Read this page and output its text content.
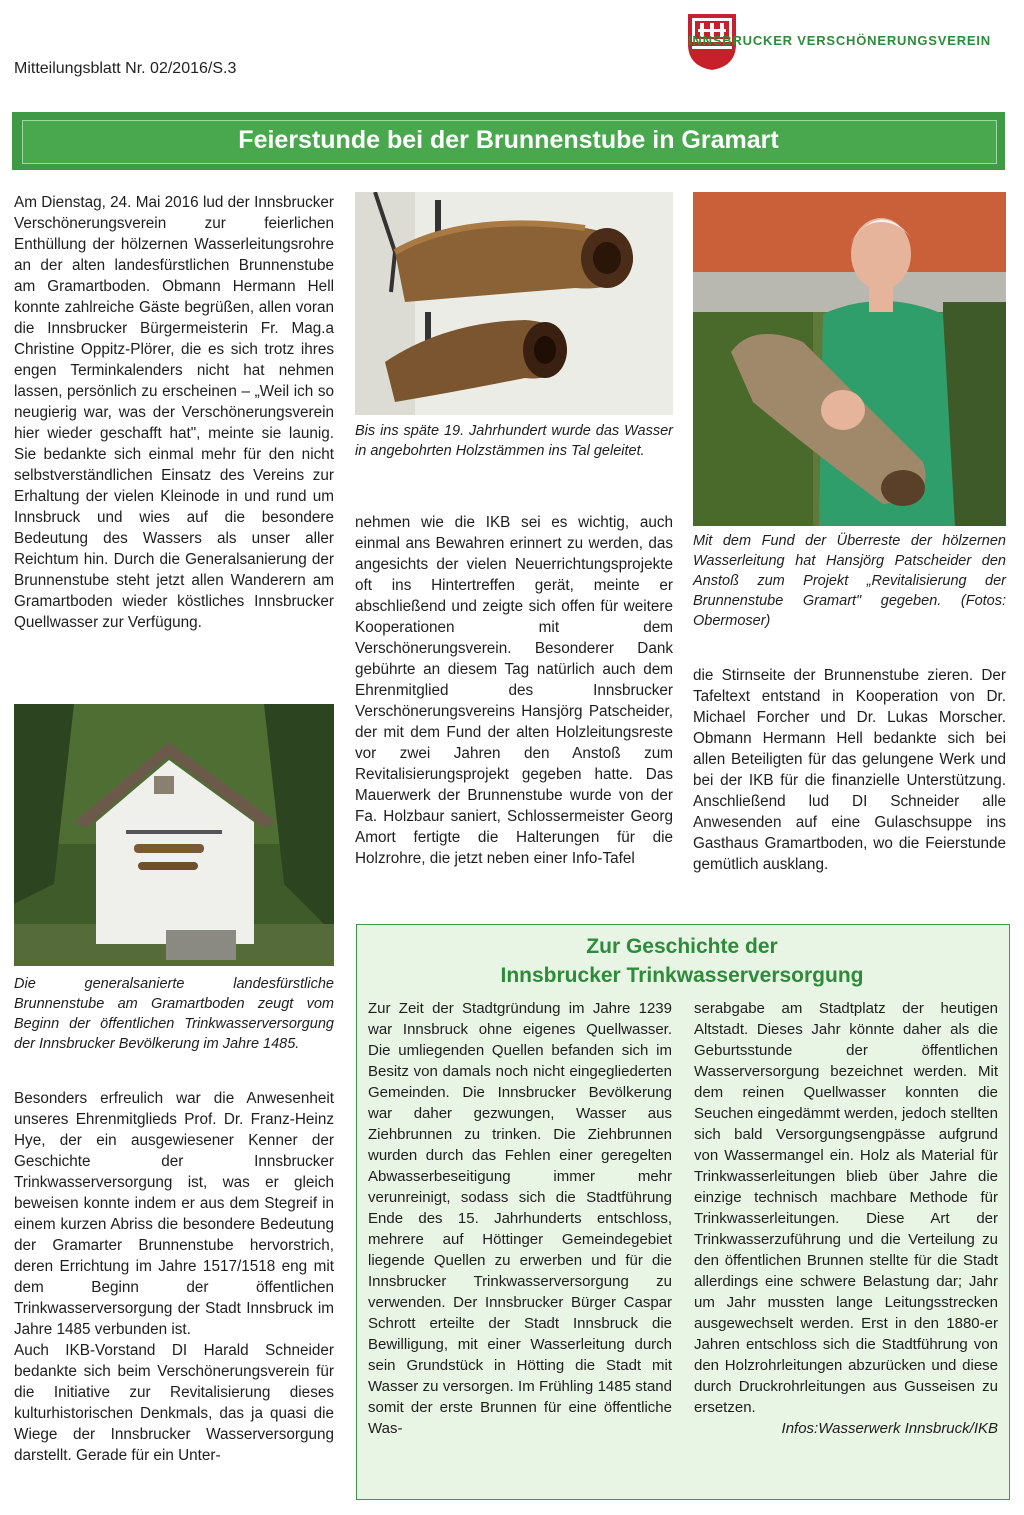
Mitteilungsblatt Nr. 02/2016/S.3
INNSBRUCKER VERSCHÖNERUNGSVEREIN
Feierstunde bei der Brunnenstube in Gramart

Am Dienstag, 24. Mai 2016 lud der Innsbrucker Verschönerungsverein zur feierlichen Enthüllung der hölzernen Wasserleitungsrohre an der alten landesfürstlichen Brunnenstube am Gramartboden. Obmann Hermann Hell konnte zahlreiche Gäste begrüßen, allen voran die Innsbrucker Bürgermeisterin Fr. Mag.a Christine Oppitz-Plörer, die es sich trotz ihres engen Terminkalenders nicht hat nehmen lassen, persönlich zu erscheinen – „Weil ich so neugierig war, was der Verschönerungsverein hier wieder geschafft hat", meinte sie launig. Sie bedankte sich einmal mehr für den nicht selbstverständlichen Einsatz des Vereins zur Erhaltung der vielen Kleinode in und rund um Innsbruck und wies auf die besondere Bedeutung des Wassers als unser aller Reichtum hin. Durch die Generalsanierung der Brunnenstube steht jetzt allen Wanderern am Gramartboden wieder köstliches Innsbrucker Quellwasser zur Verfügung.

Die generalsanierte landesfürstliche Brunnenstube am Gramartboden zeugt vom Beginn der öffentlichen Trinkwasserversorgung der Innsbrucker Bevölkerung im Jahre 1485.

Besonders erfreulich war die Anwesenheit unseres Ehrenmitglieds Prof. Dr. Franz-Heinz Hye, der ein ausgewiesener Kenner der Geschichte der Innsbrucker Trinkwasserversorgung ist, was er gleich beweisen konnte indem er aus dem Stegreif in einem kurzen Abriss die besondere Bedeutung der Gramarter Brunnenstube hervorstrich, deren Errichtung im Jahre 1517/1518 eng mit dem Beginn der öffentlichen Trinkwasserversorgung der Stadt Innsbruck im Jahre 1485 verbunden ist.

Auch IKB-Vorstand DI Harald Schneider bedankte sich beim Verschönerungsverein für die Initiative zur Revitalisierung dieses kulturhistorischen Denkmals, das ja quasi die Wiege der Innsbrucker Wasserversorgung darstellt. Gerade für ein Unter-

Bis ins späte 19. Jahrhundert wurde das Wasser in angebohrten Holzstämmen ins Tal geleitet.

nehmen wie die IKB sei es wichtig, auch einmal ans Bewahren erinnert zu werden, das angesichts der vielen Neuerrichtungsprojekte oft ins Hintertreffen gerät, meinte er abschließend und zeigte sich offen für weitere Kooperationen mit dem Verschönerungsverein. Besonderer Dank gebührte an diesem Tag natürlich auch dem Ehrenmitglied des Innsbrucker Verschönerungsvereins Hansjörg Patscheider, der mit dem Fund der alten Holzleitungsreste vor zwei Jahren den Anstoß zum Revitalisierungsprojekt gegeben hatte. Das Mauerwerk der Brunnenstube wurde von der Fa. Holzbaur saniert, Schlossermeister Georg Amort fertigte die Halterungen für die Holzrohre, die jetzt neben einer Info-Tafel

Mit dem Fund der Überreste der hölzernen Wasserleitung hat Hansjörg Patscheider den Anstoß zum Projekt „Revitalisierung der Brunnenstube Gramart" gegeben. (Fotos: Obermoser)

die Stirnseite der Brunnenstube zieren. Der Tafeltext entstand in Kooperation von Dr. Michael Forcher und Dr. Lukas Morscher. Obmann Hermann Hell bedankte sich bei allen Beteiligten für das gelungene Werk und bei der IKB für die finanzielle Unterstützung. Anschließend lud DI Schneider alle Anwesenden auf eine Gulaschsuppe ins Gasthaus Gramartboden, wo die Feierstunde gemütlich ausklang.

Zur Geschichte der
Innsbrucker Trinkwasserversorgung
Zur Zeit der Stadtgründung im Jahre 1239 war Innsbruck ohne eigenes Quellwasser. Die umliegenden Quellen befanden sich im Besitz von damals noch nicht eingegliederten Gemeinden. Die Innsbrucker Bevölkerung war daher gezwungen, Wasser aus Ziehbrunnen zu trinken. Die Ziehbrunnen wurden durch das Fehlen einer geregelten Abwasserbeseitigung immer mehr verunreinigt, sodass sich die Stadtführung Ende des 15. Jahrhunderts entschloss, mehrere auf Höttinger Gemeindegebiet liegende Quellen zu erwerben und für die Innsbrucker Trinkwasserversorgung zu verwenden. Der Innsbrucker Bürger Caspar Schrott erteilte der Stadt Innsbruck die Bewilligung, mit einer Wasserleitung durch sein Grundstück in Hötting die Stadt mit Wasser zu versorgen. Im Frühling 1485 stand somit der erste Brunnen für eine öffentliche Was-
serabgabe am Stadtplatz der heutigen Altstadt. Dieses Jahr könnte daher als die Geburtsstunde der öffentlichen Wasserversorgung bezeichnet werden. Mit dem reinen Quellwasser konnten die Seuchen eingedämmt werden, jedoch stellten sich bald Versorgungsengpässe aufgrund von Wassermangel ein. Holz als Material für Trinkwasserleitungen blieb über Jahre die einzige technisch machbare Methode für Trinkwasserleitungen. Diese Art der Trinkwasserzuführung und die Verteilung zu den öffentlichen Brunnen stellte für die Stadt allerdings eine schwere Belastung dar; Jahr um Jahr mussten lange Leitungsstrecken ausgewechselt werden. Erst in den 1880-er Jahren entschloss sich die Stadtführung von den Holzrohrleitungen abzurücken und diese durch Druckrohrleitungen aus Gusseisen zu ersetzen.
Infos:Wasserwerk Innsbruck/IKB
